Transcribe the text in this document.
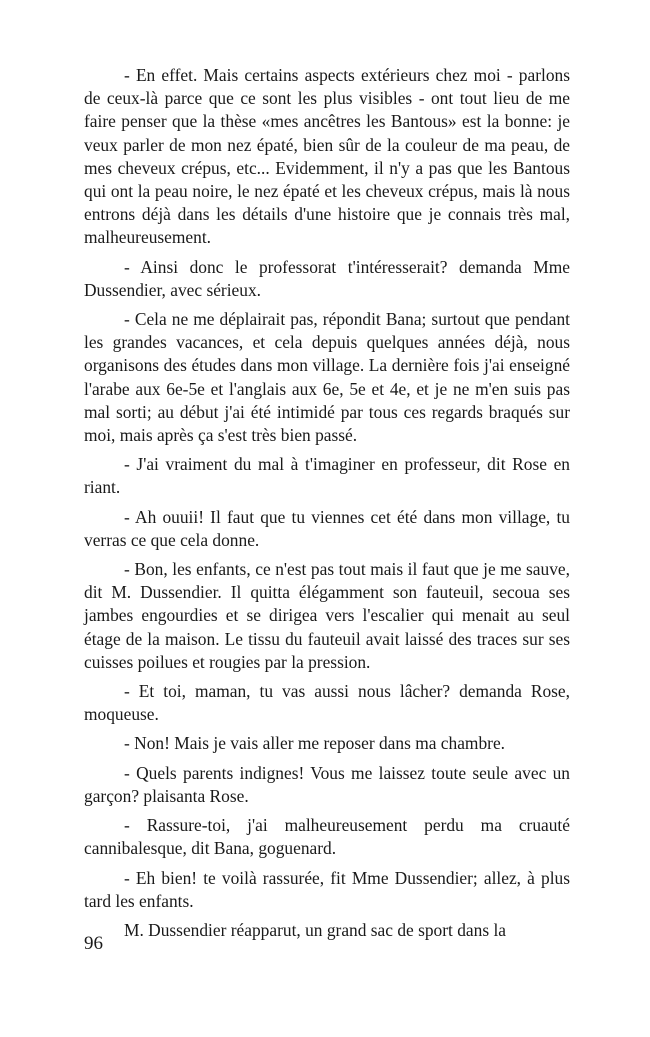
- En effet. Mais certains aspects extérieurs chez moi - parlons de ceux-là parce que ce sont les plus visibles - ont tout lieu de me faire penser que la thèse «mes ancêtres les Bantous» est la bonne: je veux parler de mon nez épaté, bien sûr de la couleur de ma peau, de mes cheveux crépus, etc... Evidemment, il n'y a pas que les Bantous qui ont la peau noire, le nez épaté et les cheveux crépus, mais là nous entrons déjà dans les détails d'une histoire que je connais très mal, malheureusement.

- Ainsi donc le professorat t'intéresserait? demanda Mme Dussendier, avec sérieux.

- Cela ne me déplairait pas, répondit Bana; surtout que pendant les grandes vacances, et cela depuis quelques années déjà, nous organisons des études dans mon village. La dernière fois j'ai enseigné l'arabe aux 6e-5e et l'anglais aux 6e, 5e et 4e, et je ne m'en suis pas mal sorti; au début j'ai été intimidé par tous ces regards braqués sur moi, mais après ça s'est très bien passé.

- J'ai vraiment du mal à t'imaginer en professeur, dit Rose en riant.

- Ah ouuii! Il faut que tu viennes cet été dans mon village, tu verras ce que cela donne.

- Bon, les enfants, ce n'est pas tout mais il faut que je me sauve, dit M. Dussendier. Il quitta élégamment son fauteuil, secoua ses jambes engourdies et se dirigea vers l'escalier qui menait au seul étage de la maison. Le tissu du fauteuil avait laissé des traces sur ses cuisses poilues et rougies par la pression.

- Et toi, maman, tu vas aussi nous lâcher? demanda Rose, moqueuse.

- Non! Mais je vais aller me reposer dans ma chambre.

- Quels parents indignes! Vous me laissez toute seule avec un garçon? plaisanta Rose.

- Rassure-toi, j'ai malheureusement perdu ma cruauté cannibalesque, dit Bana, goguenard.

- Eh bien! te voilà rassurée, fit Mme Dussendier; allez, à plus tard les enfants.

M. Dussendier réapparut, un grand sac de sport dans la

96
